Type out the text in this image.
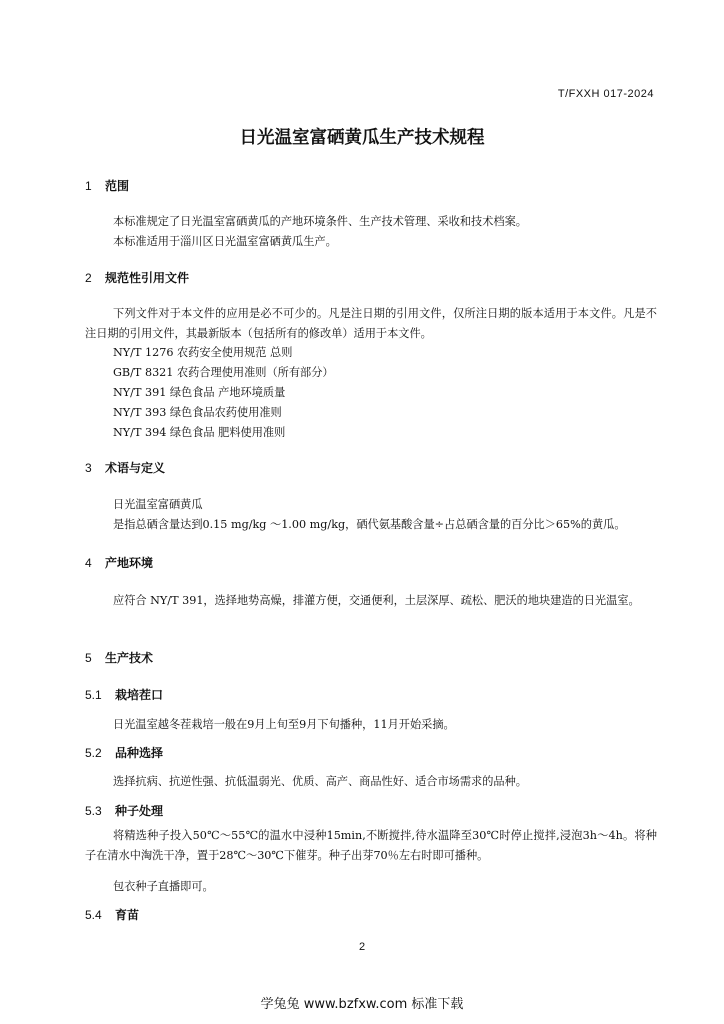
T/FXXH 017-2024
日光温室富硒黄瓜生产技术规程
1 范围
本标准规定了日光温室富硒黄瓜的产地环境条件、生产技术管理、采收和技术档案。
本标准适用于淄川区日光温室富硒黄瓜生产。
2 规范性引用文件
下列文件对于本文件的应用是必不可少的。凡是注日期的引用文件，仅所注日期的版本适用于本文件。凡是不注日期的引用文件，其最新版本（包括所有的修改单）适用于本文件。
NY/T 1276 农药安全使用规范 总则
GB/T 8321 农药合理使用准则（所有部分）
NY/T 391 绿色食品 产地环境质量
NY/T 393 绿色食品农药使用准则
NY/T 394 绿色食品 肥料使用准则
3 术语与定义
日光温室富硒黄瓜
是指总硒含量达到0.15 mg/kg ～1.00 mg/kg，硒代氨基酸含量÷占总硒含量的百分比＞65%的黄瓜。
4 产地环境
应符合 NY/T 391，选择地势高燥，排灌方便，交通便利，土层深厚、疏松、肥沃的地块建造的日光温室。
5 生产技术
5.1 栽培茬口
日光温室越冬茬栽培一般在9月上旬至9月下旬播种，11月开始采摘。
5.2 品种选择
选择抗病、抗逆性强、抗低温弱光、优质、高产、商品性好、适合市场需求的品种。
5.3 种子处理
将精选种子投入50℃～55℃的温水中浸种15min,不断搅拌,待水温降至30℃时停止搅拌,浸泡3h～4h。将种子在清水中淘洗干净，置于28℃～30℃下催芽。种子出芽70％左右时即可播种。
包衣种子直播即可。
5.4 育苗
2
学兔兔 www.bzfxw.com 标准下载
